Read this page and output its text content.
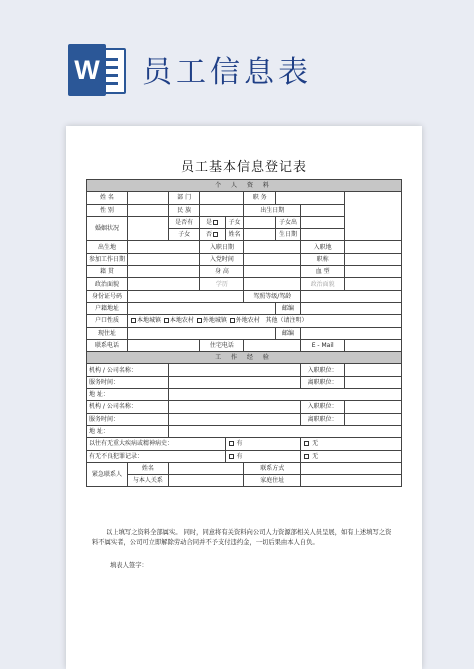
W 员工信息表
员工基本信息登记表
个 人 资 料								
姓 名		部 门			职 务			
性 别		民 族			出生日期			
婚姻状况		是否有	是	子女		子女出		
		子女	否	姓名		生日期		
出生地			入职日期				入职地	
参加工作日期			入党时间				职称	
籍 贯			身 高				血 型	
政治面貌			学历				政治面貌	
身份证号码					驾照等级/驾龄			
户籍地址						邮编		
户口性质	本地城镇 本地农村 外地城镇 外地农村 其他（请注明）							
现住址						邮编		
联系电话			住宅电话				E - Mail	
工 作 经 验								
机构 / 公司名称：							入职职位：	
服务时间：							离职职位：	
地 址：								
机构 / 公司名称：							入职职位：	
服务时间：							离职职位：	
地 址：								
以往有无重大疾病或精神病史：				有			无	
有无不良犯罪记录：				有			无	
紧急联系人	姓名				联系方式			
	与本人关系				家庭住址			

以上填写之资料全部属实。 同时，同意将有关资料向公司人力资源部相关人员呈展，如有上述填写之资料不属实者，公司可立即解除劳动合同并不予支付违约金，一切后果由本人自负。

填表人签字：
